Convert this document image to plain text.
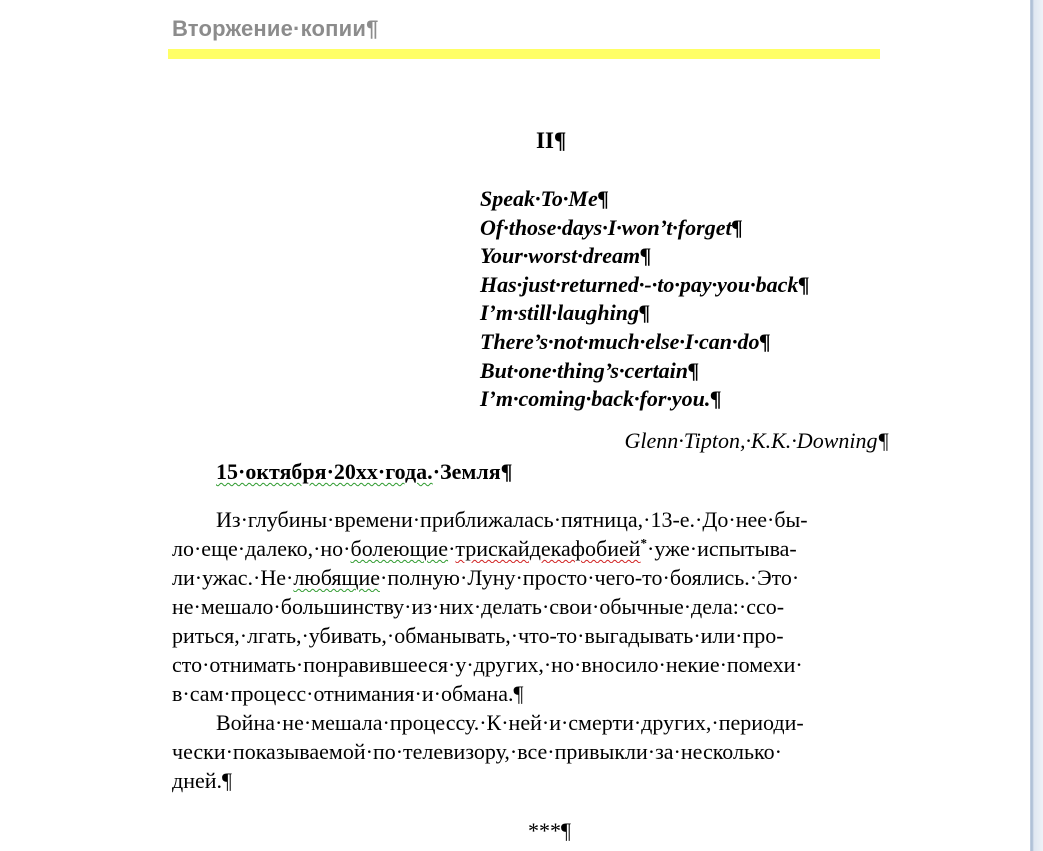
Вторжение·копии¶
II¶
Speak·To·Me¶
Of·those·days·I·won’t·forget¶
Your·worst·dream¶
Has·just·returned·-·to·pay·you·back¶
I’m·still·laughing¶
There’s·not·much·else·I·can·do¶
But·one·thing’s·certain¶
I’m·coming·back·for·you.¶
Glenn·Tipton,·K.K.·Downing¶
15·октября·20хх·года.·Земля¶
Из·глубины·времени·приближалась·пятница,·13-е.·До·нее·бы-
ло·еще·далеко,·но·болеющие·трискайдекафобией*·уже·испытыва-
ли·ужас.·Не·любящие·полную·Луну·просто·чего-то·боялись.·Это·
не·мешало·большинству·из·них·делать·свои·обычные·дела:·ссо-
риться,·лгать,·убивать,·обманывать,·что-то·выгадывать·или·про-
сто·отнимать·понравившееся·у·других,·но·вносило·некие·помехи·
в·сам·процесс·отнимания·и·обмана.¶
Война·не·мешала·процессу.·К·ней·и·смерти·других,·периоди-
чески·показываемой·по·телевизору,·все·привыкли·за·несколько·
дней.¶
***¶
